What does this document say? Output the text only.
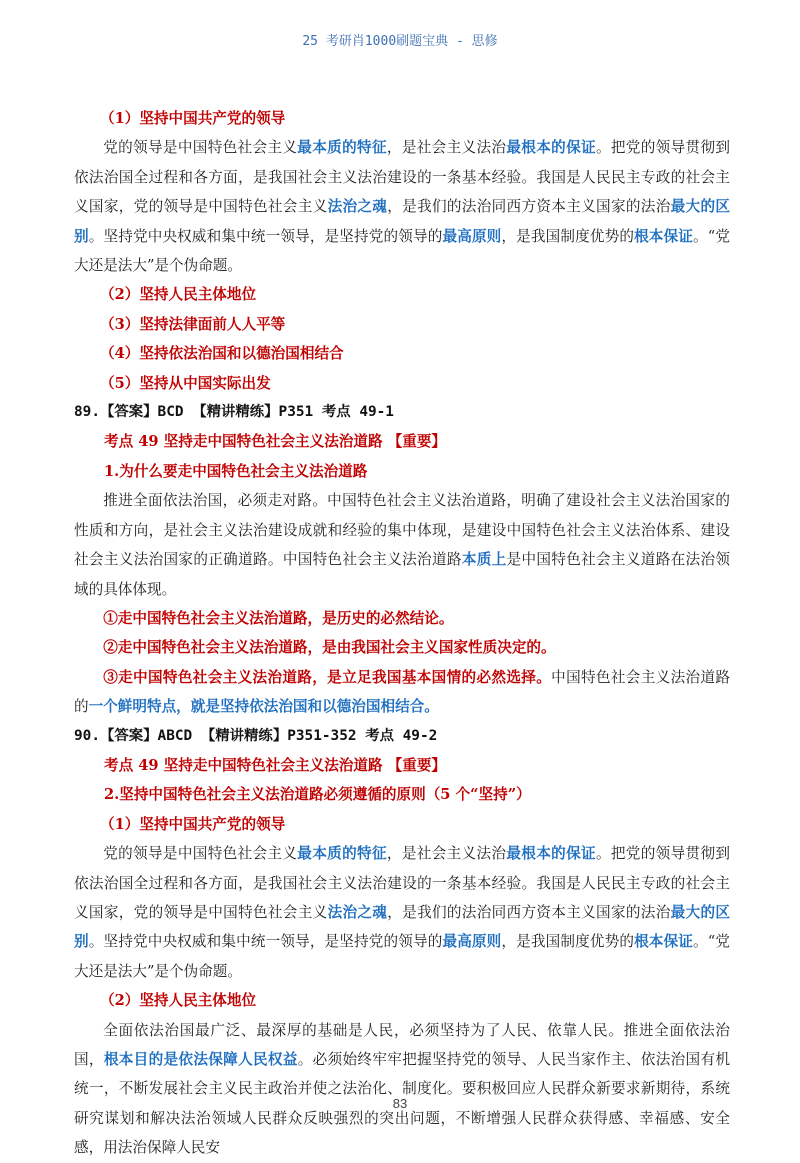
25 考研肖1000刷题宝典 - 思修

（1）坚持中国共产党的领导

党的领导是中国特色社会主义最本质的特征，是社会主义法治最根本的保证。把党的领导贯彻到依法治国全过程和各方面，是我国社会主义法治建设的一条基本经验。我国是人民民主专政的社会主义国家，党的领导是中国特色社会主义法治之魂，是我们的法治同西方资本主义国家的法治最大的区别。坚持党中央权威和集中统一领导，是坚持党的领导的最高原则，是我国制度优势的根本保证。“党大还是法大”是个伪命题。

（2）坚持人民主体地位

（3）坚持法律面前人人平等

（4）坚持依法治国和以德治国相结合

（5）坚持从中国实际出发

89.【答案】BCD 【精讲精练】P351 考点 49-1

考点 49 坚持走中国特色社会主义法治道路 【重要】

1.为什么要走中国特色社会主义法治道路

推进全面依法治国，必须走对路。中国特色社会主义法治道路，明确了建设社会主义法治国家的性质和方向，是社会主义法治建设成就和经验的集中体现，是建设中国特色社会主义法治体系、建设社会主义法治国家的正确道路。中国特色社会主义法治道路本质上是中国特色社会主义道路在法治领域的具体体现。

①走中国特色社会主义法治道路，是历史的必然结论。

②走中国特色社会主义法治道路，是由我国社会主义国家性质决定的。

③走中国特色社会主义法治道路，是立足我国基本国情的必然选择。中国特色社会主义法治道路的一个鲜明特点，就是坚持依法治国和以德治国相结合。

90.【答案】ABCD 【精讲精练】P351-352 考点 49-2

考点 49 坚持走中国特色社会主义法治道路 【重要】

2.坚持中国特色社会主义法治道路必须遵循的原则（5 个“坚持”）

（1）坚持中国共产党的领导

党的领导是中国特色社会主义最本质的特征，是社会主义法治最根本的保证。把党的领导贯彻到依法治国全过程和各方面，是我国社会主义法治建设的一条基本经验。我国是人民民主专政的社会主义国家，党的领导是中国特色社会主义法治之魂，是我们的法治同西方资本主义国家的法治最大的区别。坚持党中央权威和集中统一领导，是坚持党的领导的最高原则，是我国制度优势的根本保证。“党大还是法大”是个伪命题。

（2）坚持人民主体地位

全面依法治国最广泛、最深厚的基础是人民，必须坚持为了人民、依靠人民。推进全面依法治国，根本目的是依法保障人民权益。必须始终牢牢把握坚持党的领导、人民当家作主、依法治国有机统一，不断发展社会主义民主政治并使之法治化、制度化。要积极回应人民群众新要求新期待，系统研究谋划和解决法治领域人民群众反映强烈的突出问题，不断增强人民群众获得感、幸福感、安全感，用法治保障人民安

83
